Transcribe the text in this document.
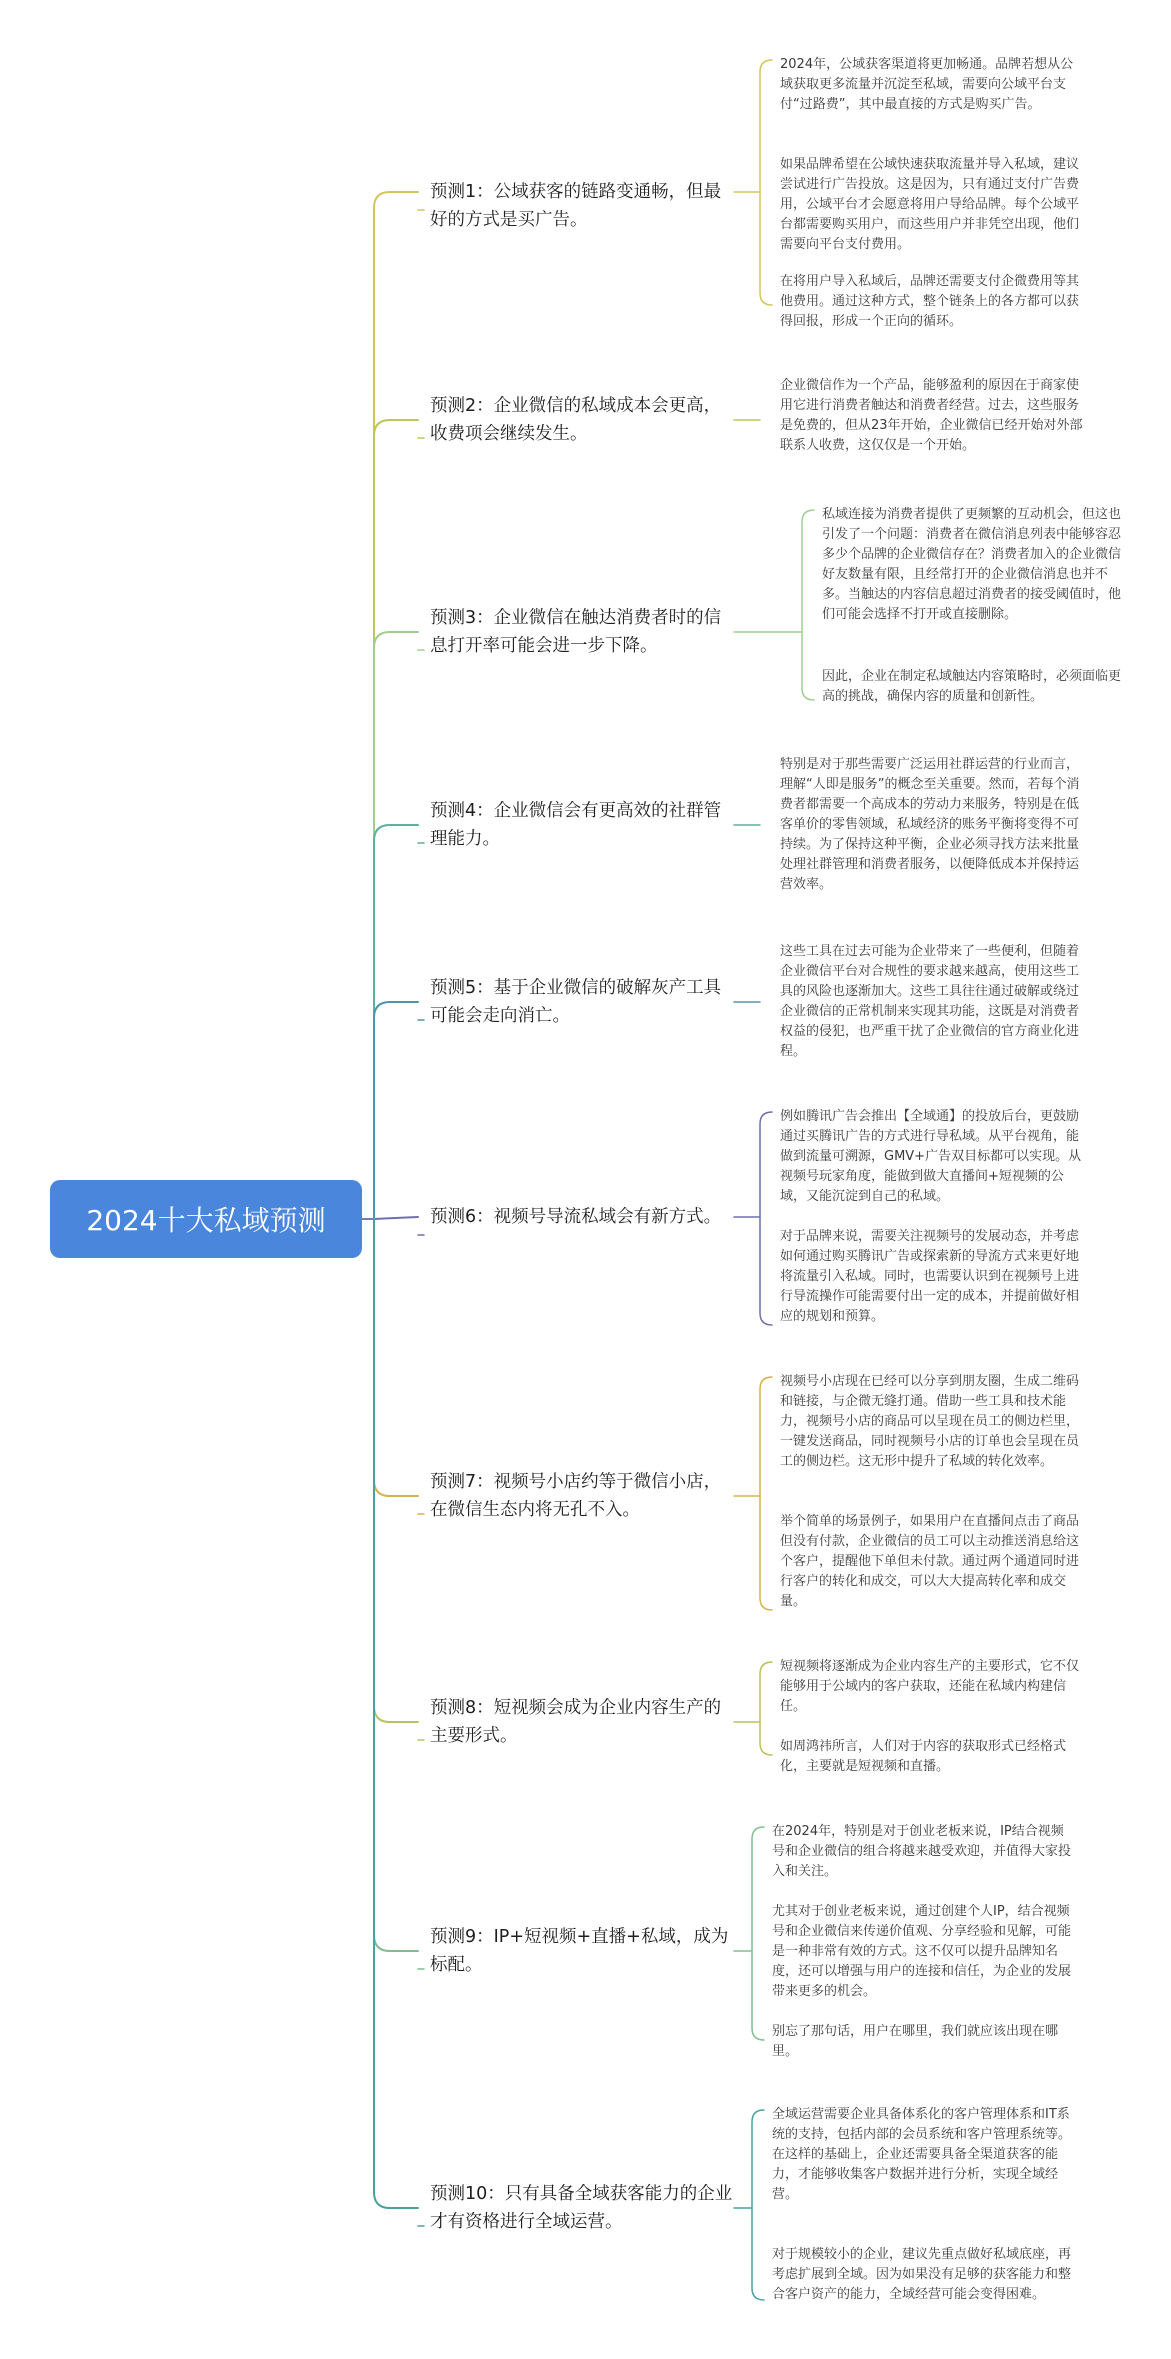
2024十大私域预测
预测1：公域获客的链路变通畅，但最好的方式是买广告。
2024年，公域获客渠道将更加畅通。品牌若想从公域获取更多流量并沉淀至私域，需要向公域平台支付“过路费”，其中最直接的方式是购买广告。
如果品牌希望在公域快速获取流量并导入私域，建议尝试进行广告投放。这是因为，只有通过支付广告费用，公域平台才会愿意将用户导给品牌。每个公域平台都需要购买用户，而这些用户并非凭空出现，他们需要向平台支付费用。
在将用户导入私域后，品牌还需要支付企微费用等其他费用。通过这种方式，整个链条上的各方都可以获得回报，形成一个正向的循环。
预测2：企业微信的私域成本会更高，收费项会继续发生。
企业微信作为一个产品，能够盈利的原因在于商家使用它进行消费者触达和消费者经营。过去，这些服务是免费的，但从23年开始，企业微信已经开始对外部联系人收费，这仅仅是一个开始。
预测3：企业微信在触达消费者时的信息打开率可能会进一步下降。
私域连接为消费者提供了更频繁的互动机会，但这也引发了一个问题：消费者在微信消息列表中能够容忍多少个品牌的企业微信存在？消费者加入的企业微信好友数量有限，且经常打开的企业微信消息也并不多。当触达的内容信息超过消费者的接受阈值时，他们可能会选择不打开或直接删除。
因此，企业在制定私域触达内容策略时，必须面临更高的挑战，确保内容的质量和创新性。
预测4：企业微信会有更高效的社群管理能力。
特别是对于那些需要广泛运用社群运营的行业而言，理解“人即是服务”的概念至关重要。然而，若每个消费者都需要一个高成本的劳动力来服务，特别是在低客单价的零售领域，私域经济的账务平衡将变得不可持续。为了保持这种平衡，企业必须寻找方法来批量处理社群管理和消费者服务，以便降低成本并保持运营效率。
预测5：基于企业微信的破解灰产工具可能会走向消亡。
这些工具在过去可能为企业带来了一些便利，但随着企业微信平台对合规性的要求越来越高，使用这些工具的风险也逐渐加大。这些工具往往通过破解或绕过企业微信的正常机制来实现其功能，这既是对消费者权益的侵犯，也严重干扰了企业微信的官方商业化进程。
预测6：视频号导流私域会有新方式。
例如腾讯广告会推出【全域通】的投放后台，更鼓励通过买腾讯广告的方式进行导私域。从平台视角，能做到流量可溯源，GMV+广告双目标都可以实现。从视频号玩家角度，能做到做大直播间+短视频的公域，又能沉淀到自己的私域。
对于品牌来说，需要关注视频号的发展动态，并考虑如何通过购买腾讯广告或探索新的导流方式来更好地将流量引入私域。同时，也需要认识到在视频号上进行导流操作可能需要付出一定的成本，并提前做好相应的规划和预算。
预测7：视频号小店约等于微信小店，在微信生态内将无孔不入。
视频号小店现在已经可以分享到朋友圈，生成二维码和链接，与企微无缝打通。借助一些工具和技术能力，视频号小店的商品可以呈现在员工的侧边栏里，一键发送商品，同时视频号小店的订单也会呈现在员工的侧边栏。这无形中提升了私域的转化效率。
举个简单的场景例子，如果用户在直播间点击了商品但没有付款，企业微信的员工可以主动推送消息给这个客户，提醒他下单但未付款。通过两个通道同时进行客户的转化和成交，可以大大提高转化率和成交量。
预测8：短视频会成为企业内容生产的主要形式。
短视频将逐渐成为企业内容生产的主要形式，它不仅能够用于公域内的客户获取，还能在私域内构建信任。
如周鸿祎所言，人们对于内容的获取形式已经格式化，主要就是短视频和直播。
预测9：IP+短视频+直播+私域，成为标配。
在2024年，特别是对于创业老板来说，IP结合视频号和企业微信的组合将越来越受欢迎，并值得大家投入和关注。
尤其对于创业老板来说，通过创建个人IP，结合视频号和企业微信来传递价值观、分享经验和见解，可能是一种非常有效的方式。这不仅可以提升品牌知名度，还可以增强与用户的连接和信任，为企业的发展带来更多的机会。
别忘了那句话，用户在哪里，我们就应该出现在哪里。
预测10：只有具备全域获客能力的企业才有资格进行全域运营。
全域运营需要企业具备体系化的客户管理体系和IT系统的支持，包括内部的会员系统和客户管理系统等。在这样的基础上，企业还需要具备全渠道获客的能力，才能够收集客户数据并进行分析，实现全域经营。
对于规模较小的企业，建议先重点做好私域底座，再考虑扩展到全域。因为如果没有足够的获客能力和整合客户资产的能力，全域经营可能会变得困难。
